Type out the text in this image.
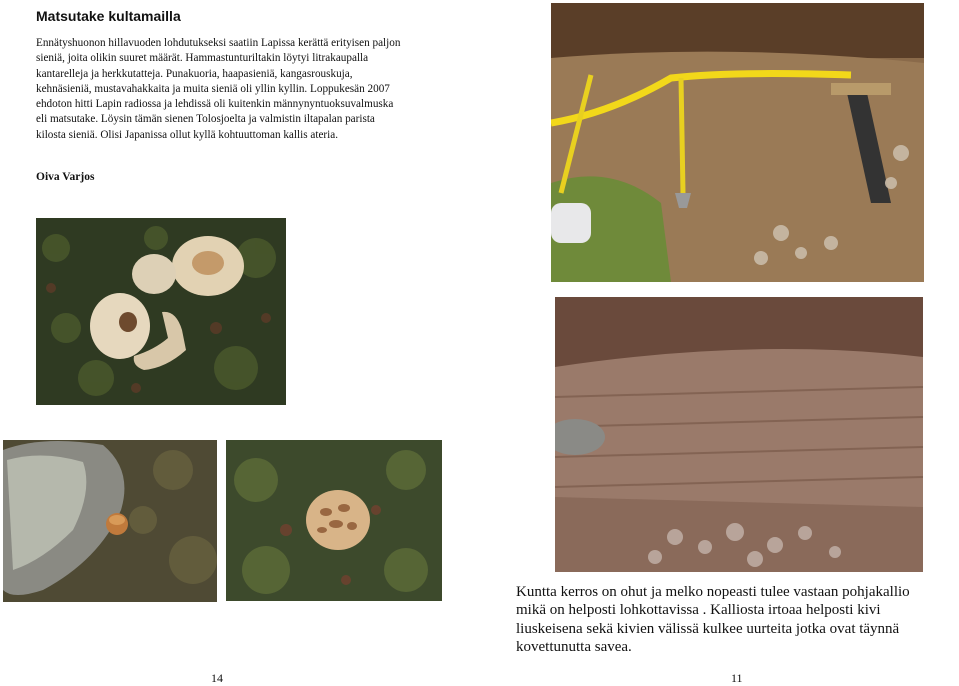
Matsutake kultamailla
Ennätyshuonon hillavuoden lohdutukseksi saatiin Lapissa kerättä erityisen paljon sieniä, joita olikin suuret määrät. Hammastunturiltakin löytyi litrakaupalla kantarelleja ja herkkutatteja. Punakuoria, haapasieniä, kangasrouskuja, kehnäsieniä, mustavahakkaita ja muita sieniä oli yllin kyllin. Loppukesän 2007 ehdoton hitti Lapin radiossa ja lehdissä oli kuitenkin männynyntuoksuvalmuska eli matsutake. Löysin tämän sienen Tolosjoelta ja valmistin iltapalan parista kilosta sieniä. Olisi Japanissa ollut kyllä kohtuuttoman kallis ateria.
Oiva Varjos
14
Kuntta kerros on ohut ja melko nopeasti tulee vastaan pohjakallio mikä on helposti lohkottavissa . Kalliosta irtoaa helposti kivi liuskeisena sekä kivien välissä kulkee uurteita jotka ovat täynnä kovettunutta savea.
11
